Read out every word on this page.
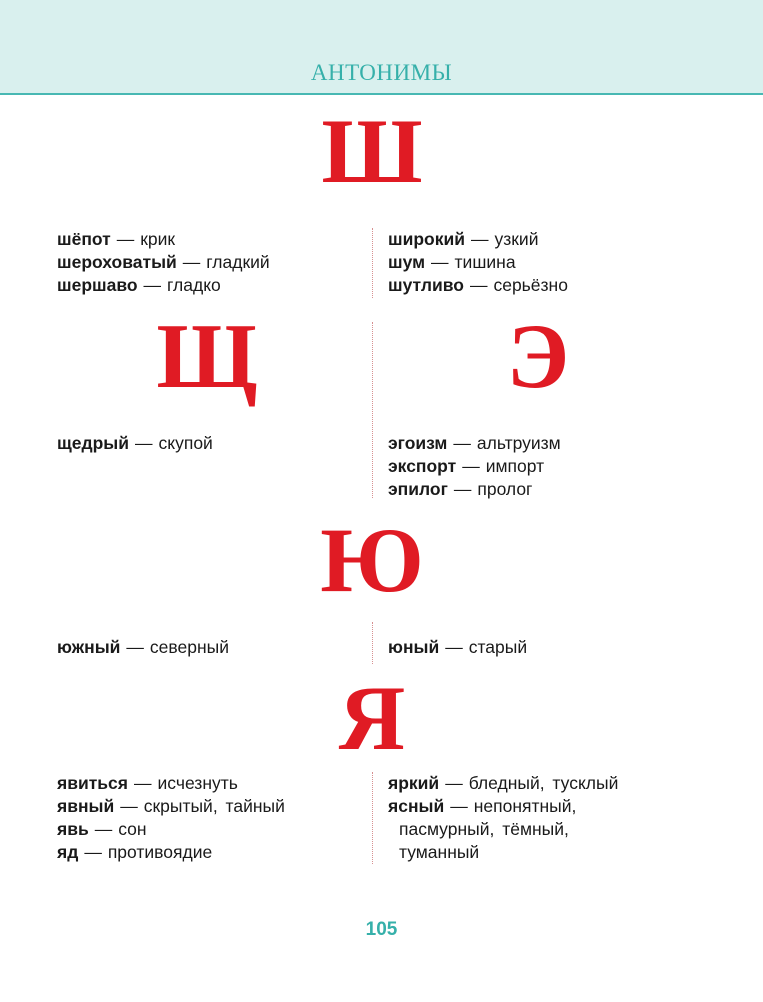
АНТОНИМЫ
Ш
шёпот — крик
шероховатый — гладкий
шершаво — гладко
широкий — узкий
шум — тишина
шутливо — серьёзно
Щ	Э
щедрый — скупой	эгоизм — альтруизм
экспорт — импорт
эпилог — пролог
Ю
южный — северный	юный — старый
Я
явиться — исчезнуть
явный — скрытый, тайный
явь — сон
яд — противоядие
яркий — бледный, тусклый
ясный — непонятный,
пасмурный, тёмный,
туманный
105
